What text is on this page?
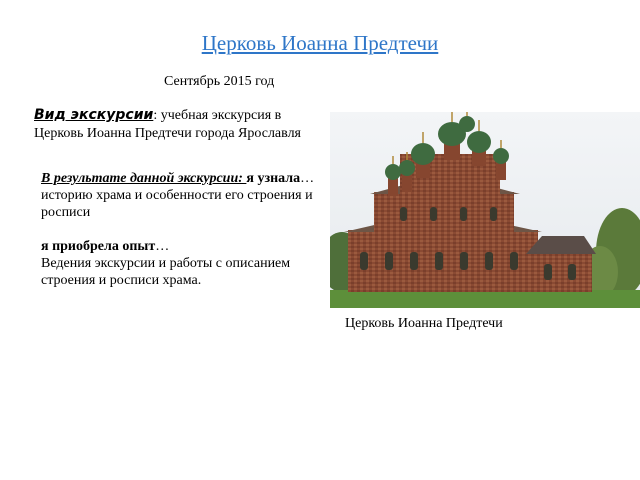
Церковь Иоанна Предтечи
Сентябрь 2015 год
Вид экскурсии: учебная экскурсия в Церковь Иоанна Предтечи города Ярославля
В результате данной экскурсии: я узнала…
историю храма и особенности его строения и росписи
я приобрела опыт…
Ведения экскурсии и работы с описанием строения и росписи храма.
Церковь Иоанна Предтечи
